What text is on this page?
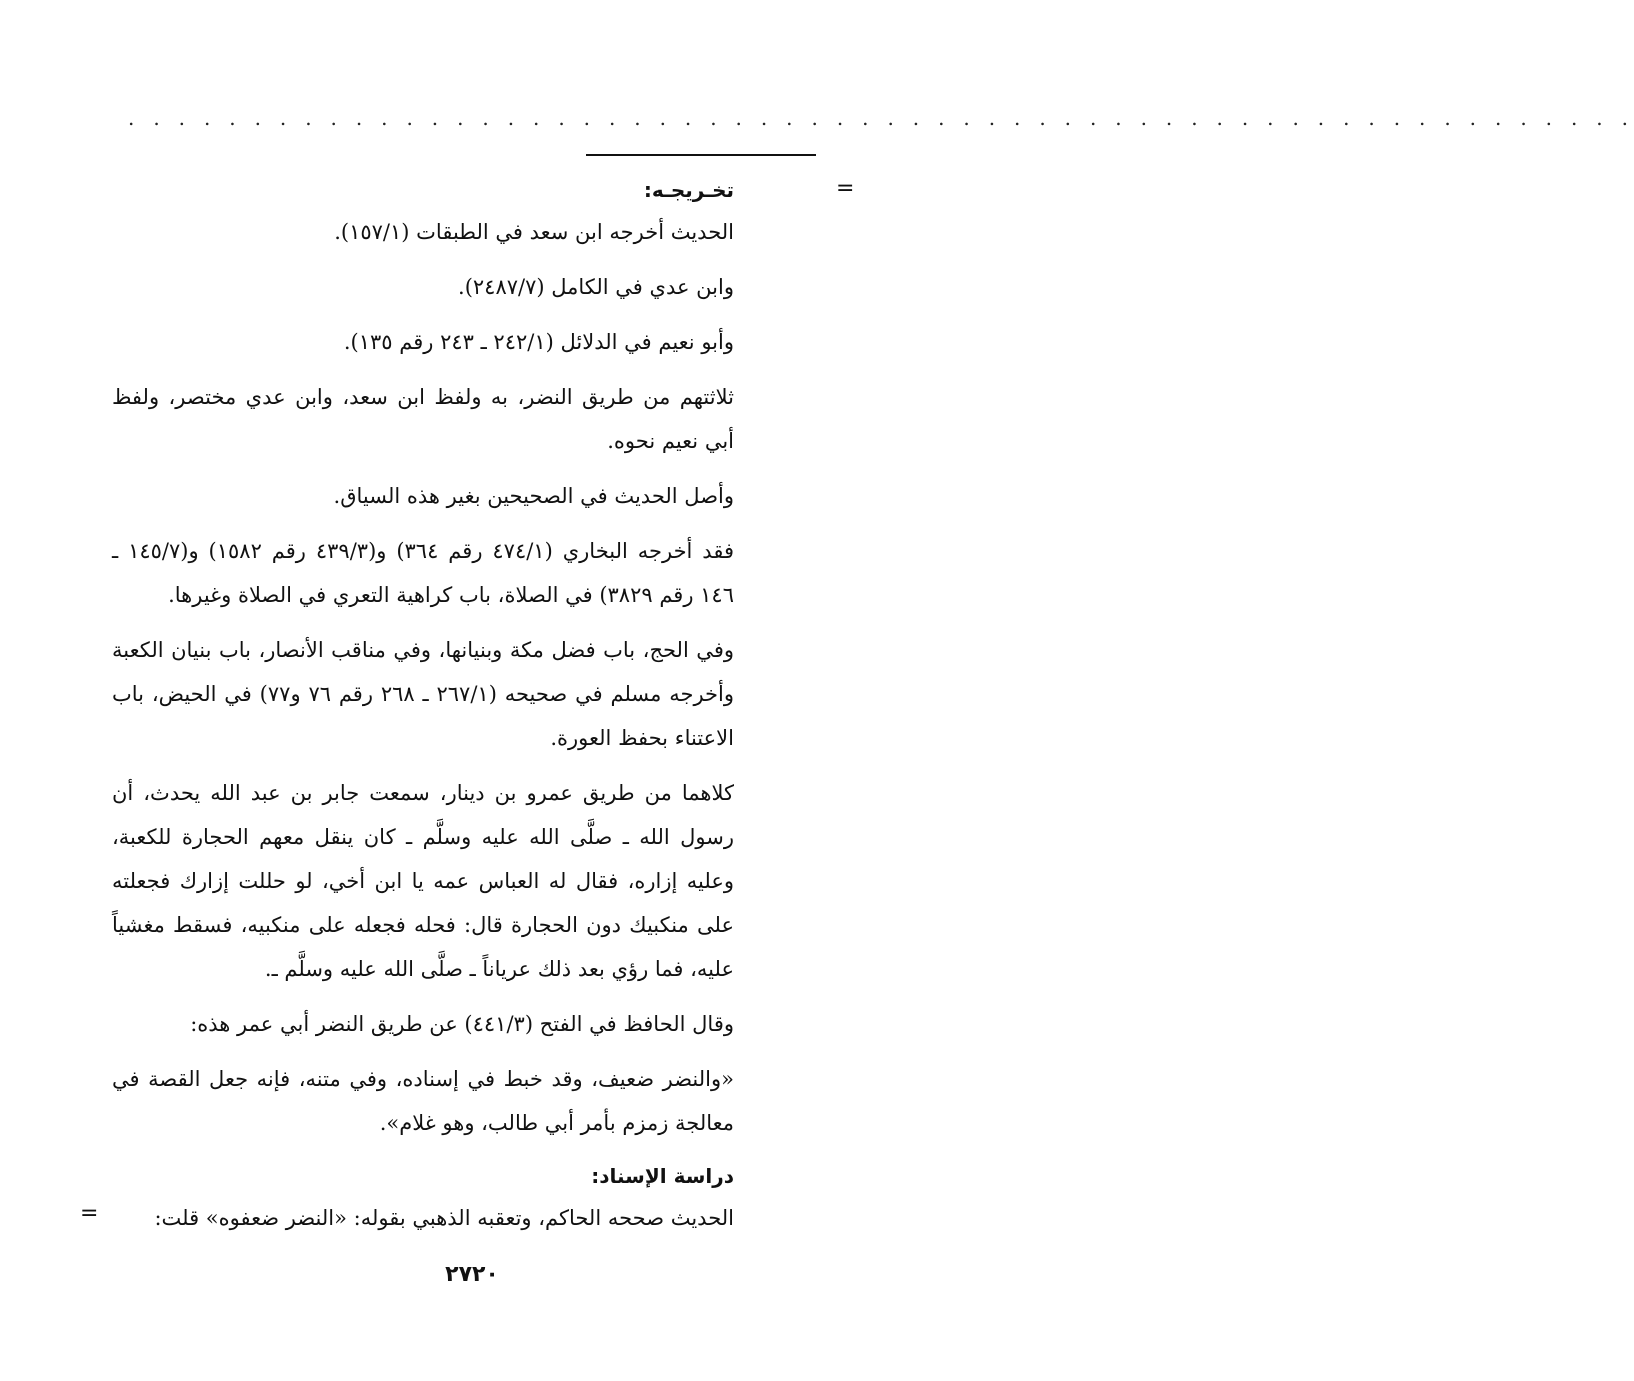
. . . . . . . . . . . . . . . . . . . . . . . . . . . . . . . . . . . . . . . . . . . . . . . . . . . . . . . . . . . .
=
=
تخـريجـه:

الحديث أخرجه ابن سعد في الطبقات (١٥٧/١).

وابن عدي في الكامل (٢٤٨٧/٧).

وأبو نعيم في الدلائل (٢٤٢/١ ـ ٢٤٣ رقم ١٣٥).

ثلاثتهم من طريق النضر، به ولفظ ابن سعد، وابن عدي مختصر، ولفظ أبي نعيم نحوه.

وأصل الحديث في الصحيحين بغير هذه السياق.

فقد أخرجه البخاري (٤٧٤/١ رقم ٣٦٤) و(٤٣٩/٣ رقم ١٥٨٢) و(١٤٥/٧ ـ ١٤٦ رقم ٣٨٢٩) في الصلاة، باب كراهية التعري في الصلاة وغيرها.

وفي الحج، باب فضل مكة وبنيانها، وفي مناقب الأنصار، باب بنيان الكعبة وأخرجه مسلم في صحيحه (٢٦٧/١ ـ ٢٦٨ رقم ٧٦ و٧٧) في الحيض، باب الاعتناء بحفظ العورة.

كلاهما من طريق عمرو بن دينار، سمعت جابر بن عبد الله يحدث، أن رسول الله ـ صلَّى الله عليه وسلَّم ـ كان ينقل معهم الحجارة للكعبة، وعليه إزاره، فقال له العباس عمه يا ابن أخي، لو حللت إزارك فجعلته على منكبيك دون الحجارة قال: فحله فجعله على منكبيه، فسقط مغشياً عليه، فما رؤي بعد ذلك عرياناً ـ صلَّى الله عليه وسلَّم ـ.

وقال الحافظ في الفتح (٤٤١/٣) عن طريق النضر أبي عمر هذه:

«والنضر ضعيف، وقد خبط في إسناده، وفي متنه، فإنه جعل القصة في معالجة زمزم بأمر أبي طالب، وهو غلام».

دراسة الإسناد:

الحديث صححه الحاكم، وتعقبه الذهبي بقوله: «النضر ضعفوه» قلت:

٢٧٢٠
